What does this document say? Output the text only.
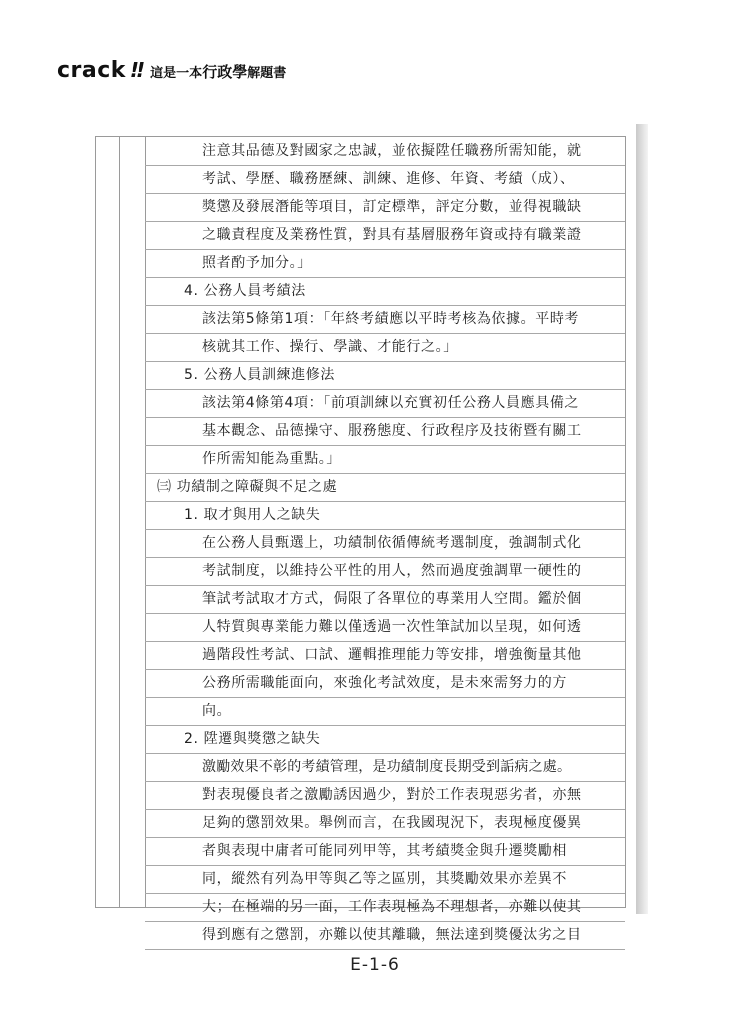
crack !! 這是一本行政學解題書
注意其品德及對國家之忠誠，並依擬陞任職務所需知能，就
考試、學歷、職務歷練、訓練、進修、年資、考績（成）、
獎懲及發展潛能等項目，訂定標準，評定分數，並得視職缺
之職責程度及業務性質，對具有基層服務年資或持有職業證
照者酌予加分。」
4. 公務人員考績法
該法第5條第1項：「年終考績應以平時考核為依據。平時考
核就其工作、操行、學識、才能行之。」
5. 公務人員訓練進修法
該法第4條第4項：「前項訓練以充實初任公務人員應具備之
基本觀念、品德操守、服務態度、行政程序及技術暨有關工
作所需知能為重點。」
㈢ 功績制之障礙與不足之處
1. 取才與用人之缺失
在公務人員甄選上，功績制依循傳統考選制度，強調制式化
考試制度，以維持公平性的用人，然而過度強調單一硬性的
筆試考試取才方式，侷限了各單位的專業用人空間。鑑於個
人特質與專業能力難以僅透過一次性筆試加以呈現，如何透
過階段性考試、口試、邏輯推理能力等安排，增強衡量其他
公務所需職能面向，來強化考試效度，是未來需努力的方
向。
2. 陞遷與獎懲之缺失
激勵效果不彰的考績管理，是功績制度長期受到詬病之處。
對表現優良者之激勵誘因過少，對於工作表現惡劣者，亦無
足夠的懲罰效果。舉例而言，在我國現況下，表現極度優異
者與表現中庸者可能同列甲等，其考績獎金與升遷獎勵相
同，縱然有列為甲等與乙等之區別，其獎勵效果亦差異不
大；在極端的另一面，工作表現極為不理想者，亦難以使其
得到應有之懲罰，亦難以使其離職，無法達到獎優汰劣之目
E-1-6
